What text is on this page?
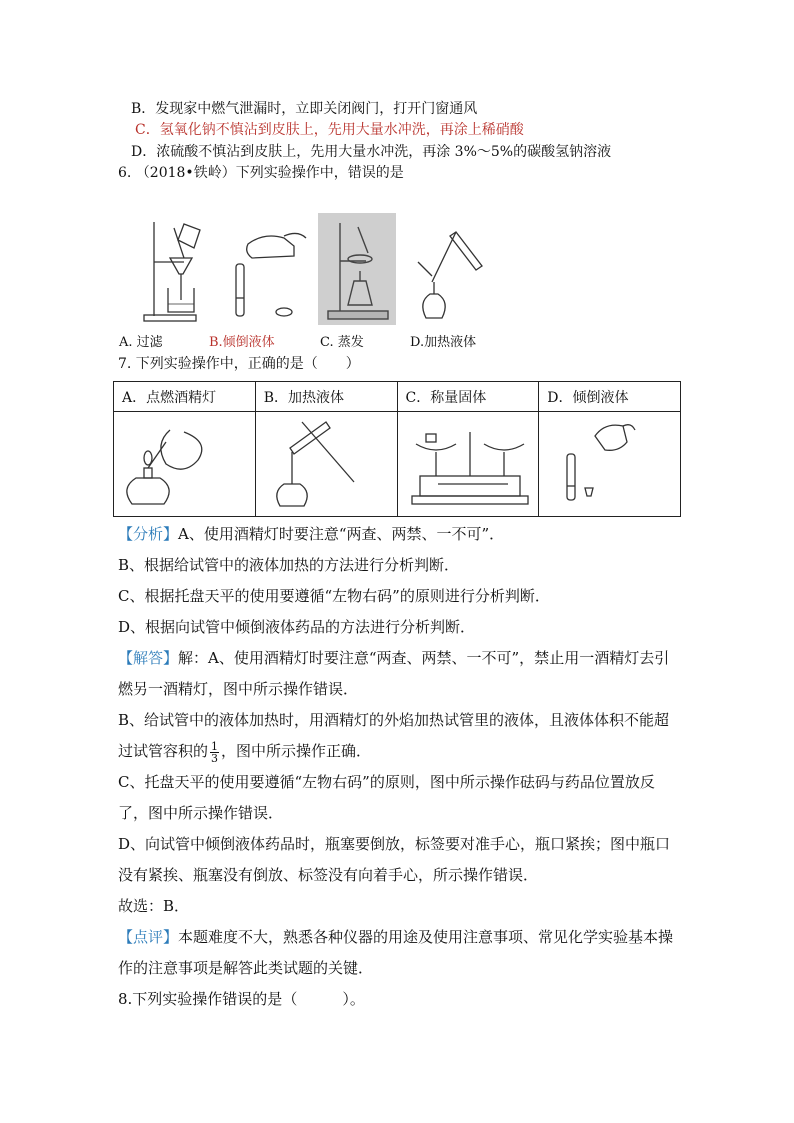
B．发现家中燃气泄漏时，立即关闭阀门，打开门窗通风
C．氢氧化钠不慎沾到皮肤上，先用大量水冲洗，再涂上稀硝酸
D．浓硫酸不慎沾到皮肤上，先用大量水冲洗，再涂 3%～5%的碳酸氢钠溶液
6. （2018•铁岭）下列实验操作中，错误的是
A. 过滤	B.倾倒液体	C. 蒸发	D.加热液体
7. 下列实验操作中，正确的是（　　）
A．点燃酒精灯	B．加热液体	C．称量固体	D．倾倒液体

【分析】A、使用酒精灯时要注意“两查、两禁、一不可”．

B、根据给试管中的液体加热的方法进行分析判断．

C、根据托盘天平的使用要遵循“左物右码”的原则进行分析判断．

D、根据向试管中倾倒液体药品的方法进行分析判断．

【解答】解：A、使用酒精灯时要注意“两查、两禁、一不可”，禁止用一酒精灯去引燃另一酒精灯，图中所示操作错误．

B、给试管中的液体加热时，用酒精灯的外焰加热试管里的液体，且液体体积不能超过试管容积的 $\frac{1}{3}$ ，图中所示操作正确．

C、托盘天平的使用要遵循“左物右码”的原则，图中所示操作砝码与药品位置放反了，图中所示操作错误．

D、向试管中倾倒液体药品时，瓶塞要倒放，标签要对准手心，瓶口紧挨；图中瓶口没有紧挨、瓶塞没有倒放、标签没有向着手心，所示操作错误．

故选：B．

【点评】本题难度不大，熟悉各种仪器的用途及使用注意事项、常见化学实验基本操作的注意事项是解答此类试题的关键．

8.下列实验操作错误的是（　　　）。
